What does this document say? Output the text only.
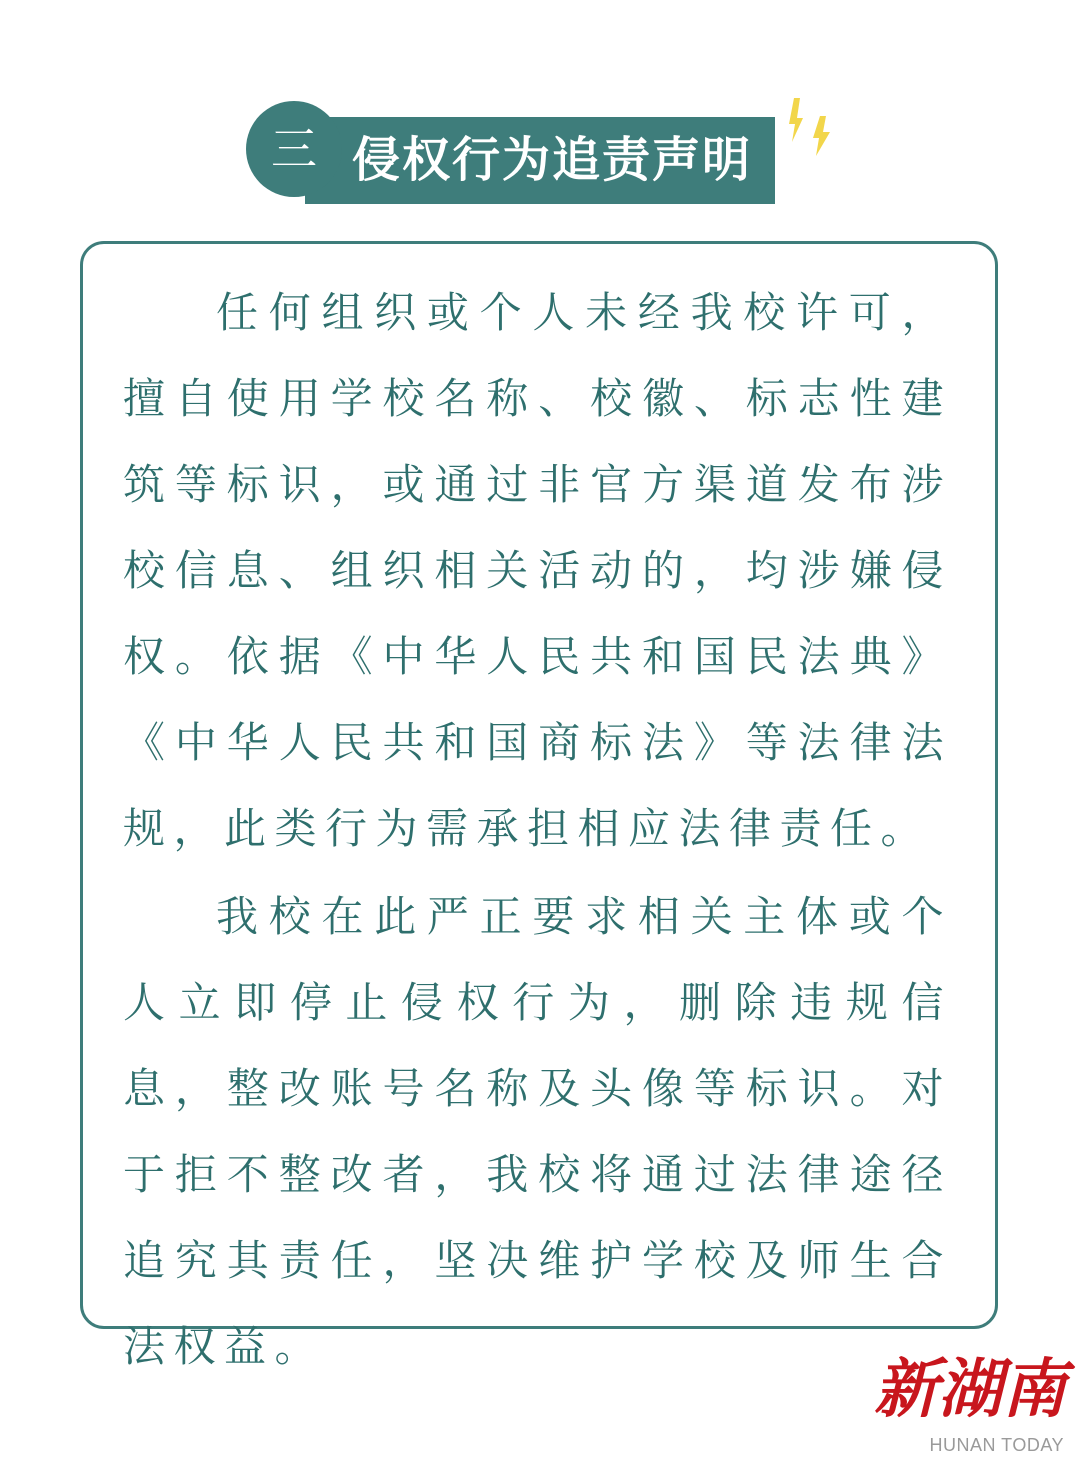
三 侵权行为追责声明

任何组织或个人未经我校许可，擅自使用学校名称、校徽、标志性建筑等标识，或通过非官方渠道发布涉校信息、组织相关活动的，均涉嫌侵权。依据《中华人民共和国民法典》《中华人民共和国商标法》等法律法规，此类行为需承担相应法律责任。

我校在此严正要求相关主体或个人立即停止侵权行为，删除违规信息，整改账号名称及头像等标识。对于拒不整改者，我校将通过法律途径追究其责任，坚决维护学校及师生合法权益。

新湖南
HUNAN TODAY
